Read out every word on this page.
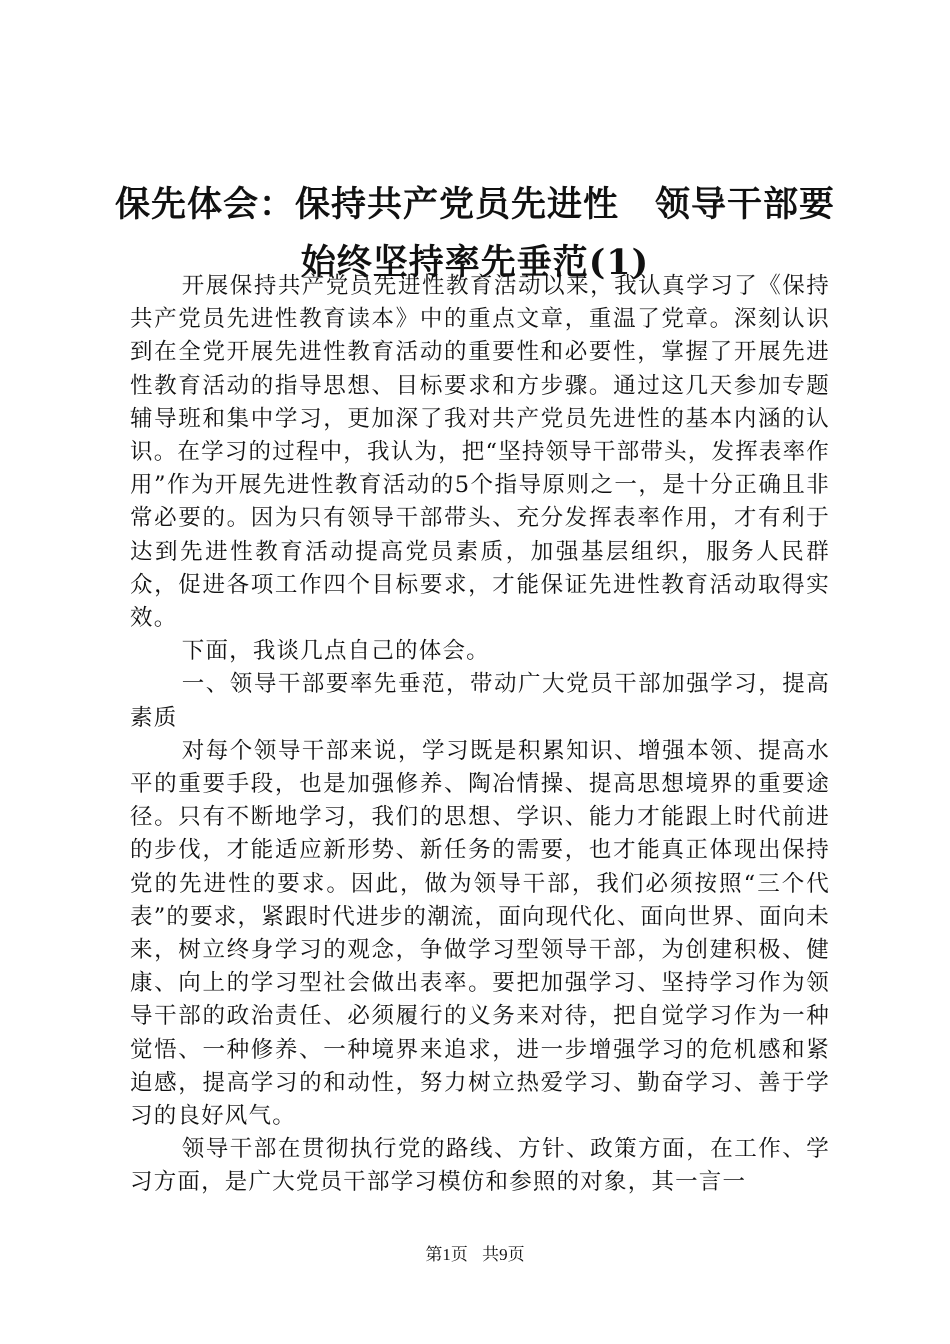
保先体会：保持共产党员先进性　领导干部要
始终坚持率先垂范(1)

开展保持共产党员先进性教育活动以来，我认真学习了《保持共产党员先进性教育读本》中的重点文章，重温了党章。深刻认识到在全党开展先进性教育活动的重要性和必要性，掌握了开展先进性教育活动的指导思想、目标要求和方步骤。通过这几天参加专题辅导班和集中学习，更加深了我对共产党员先进性的基本内涵的认识。在学习的过程中，我认为，把“坚持领导干部带头，发挥表率作用”作为开展先进性教育活动的5个指导原则之一，是十分正确且非常必要的。因为只有领导干部带头、充分发挥表率作用，才有利于达到先进性教育活动提高党员素质，加强基层组织，服务人民群众，促进各项工作四个目标要求，才能保证先进性教育活动取得实效。

下面，我谈几点自己的体会。

一、领导干部要率先垂范，带动广大党员干部加强学习，提高素质

对每个领导干部来说，学习既是积累知识、增强本领、提高水平的重要手段，也是加强修养、陶冶情操、提高思想境界的重要途径。只有不断地学习，我们的思想、学识、能力才能跟上时代前进的步伐，才能适应新形势、新任务的需要，也才能真正体现出保持党的先进性的要求。因此，做为领导干部，我们必须按照“三个代表”的要求，紧跟时代进步的潮流，面向现代化、面向世界、面向未来，树立终身学习的观念，争做学习型领导干部，为创建积极、健康、向上的学习型社会做出表率。要把加强学习、坚持学习作为领导干部的政治责任、必须履行的义务来对待，把自觉学习作为一种觉悟、一种修养、一种境界来追求，进一步增强学习的危机感和紧迫感，提高学习的和动性，努力树立热爱学习、勤奋学习、善于学习的良好风气。

领导干部在贯彻执行党的路线、方针、政策方面，在工作、学习方面，是广大党员干部学习模仿和参照的对象，其一言一

第1页 共9页
